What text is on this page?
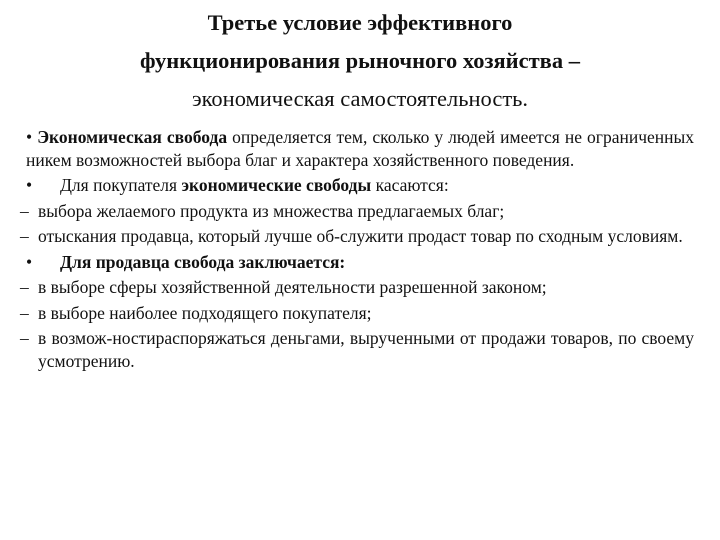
Третье условие эффективного
функционирования рыночного хозяйства –
экономическая самостоятельность.
• Экономическая свобода определяется тем, сколько у людей имеется не ограниченных никем возможностей выбора благ и характера хозяйственного поведения.
•	Для покупателя экономические свободы касаются:
– выбора желаемого продукта из множества предлагаемых благ;
– отыскания продавца, который лучше об-служити продаст товар по сходным условиям.
•	Для продавца свобода заключается:
– в выборе сферы хозяйственной деятельности разрешенной законом;
– в выборе наиболее подходящего покупателя;
– в возмож-ностираспоряжаться деньгами, вырученными от продажи товаров, по своему усмотрению.
